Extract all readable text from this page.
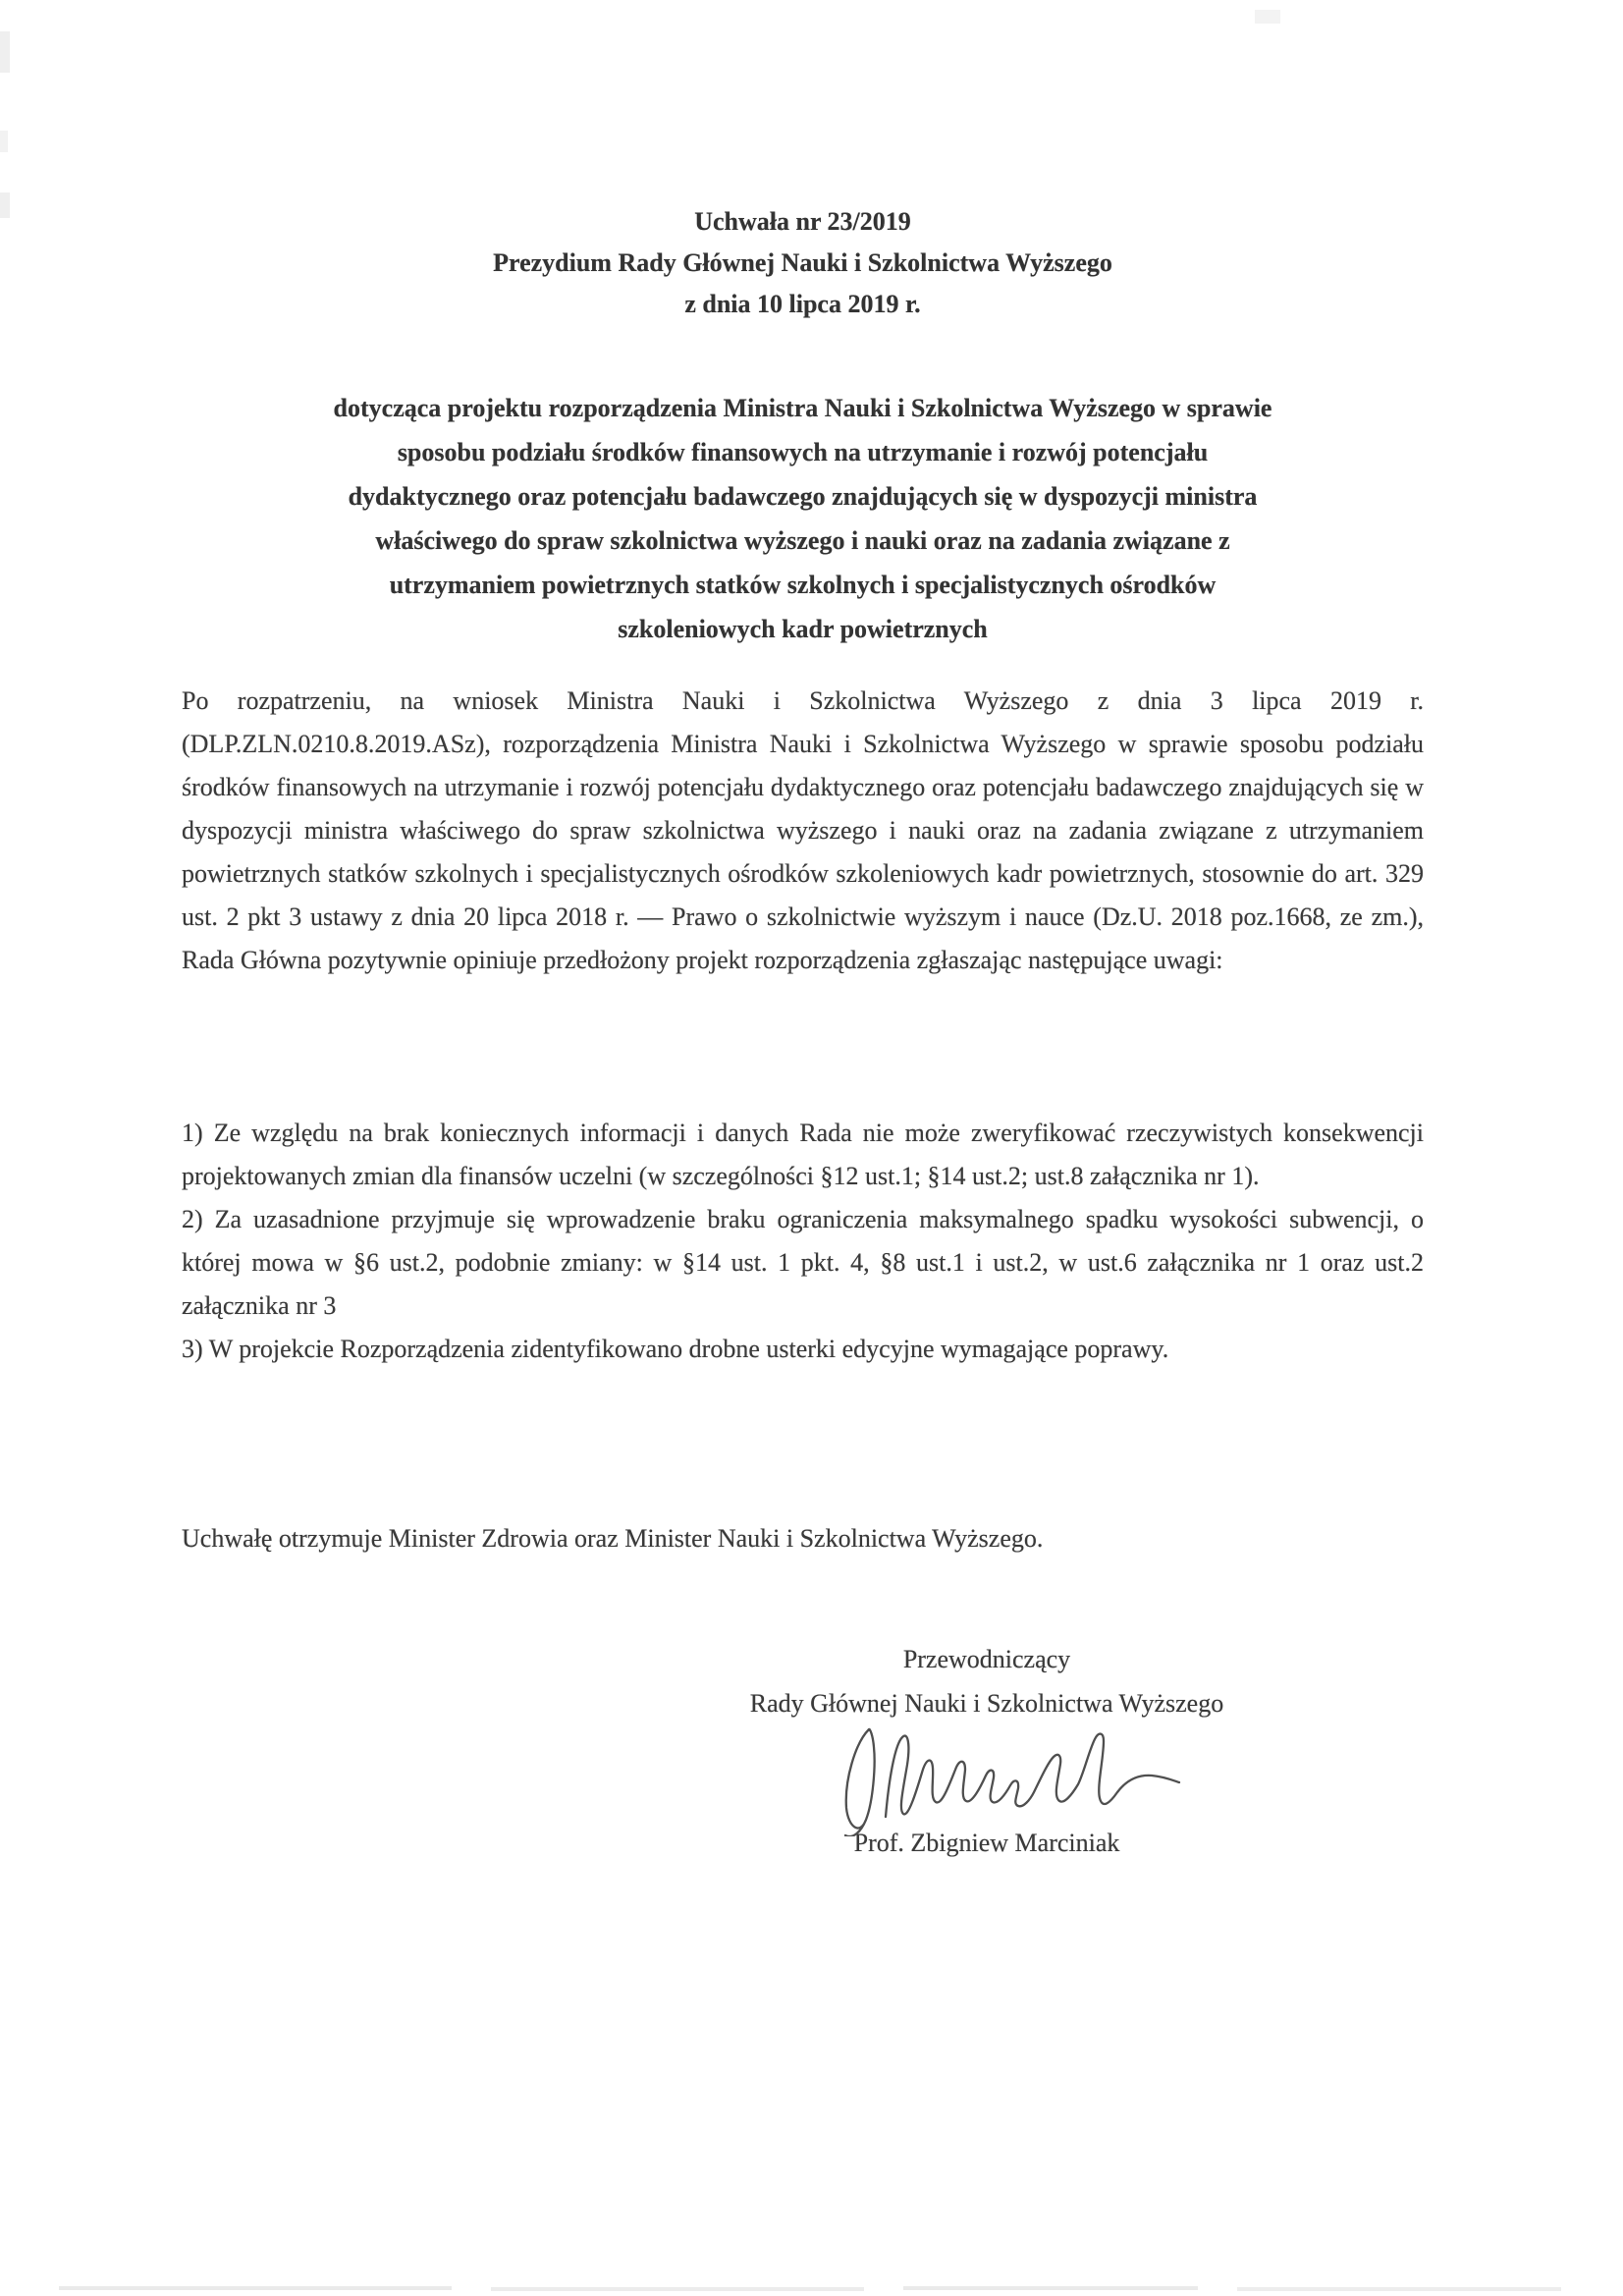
Uchwała nr 23/2019
Prezydium Rady Głównej Nauki i Szkolnictwa Wyższego
z dnia 10 lipca 2019 r.
dotycząca projektu rozporządzenia Ministra Nauki i Szkolnictwa Wyższego w sprawie
sposobu podziału środków finansowych na utrzymanie i rozwój potencjału
dydaktycznego oraz potencjału badawczego znajdujących się w dyspozycji ministra
właściwego do spraw szkolnictwa wyższego i nauki oraz na zadania związane z
utrzymaniem powietrznych statków szkolnych i specjalistycznych ośrodków
szkoleniowych kadr powietrznych

Po rozpatrzeniu, na wniosek Ministra Nauki i Szkolnictwa Wyższego z dnia 3 lipca 2019 r. (DLP.ZLN.0210.8.2019.ASz), rozporządzenia Ministra Nauki i Szkolnictwa Wyższego w sprawie sposobu podziału środków finansowych na utrzymanie i rozwój potencjału dydaktycznego oraz potencjału badawczego znajdujących się w dyspozycji ministra właściwego do spraw szkolnictwa wyższego i nauki oraz na zadania związane z utrzymaniem powietrznych statków szkolnych i specjalistycznych ośrodków szkoleniowych kadr powietrznych, stosownie do art. 329 ust. 2 pkt 3 ustawy z dnia 20 lipca 2018 r. — Prawo o szkolnictwie wyższym i nauce (Dz.U. 2018 poz.1668, ze zm.), Rada Główna pozytywnie opiniuje przedłożony projekt rozporządzenia zgłaszając następujące uwagi:

1) Ze względu na brak koniecznych informacji i danych Rada nie może zweryfikować rzeczywistych konsekwencji projektowanych zmian dla finansów uczelni (w szczególności §12 ust.1; §14 ust.2; ust.8 załącznika nr 1).

2) Za uzasadnione przyjmuje się wprowadzenie braku ograniczenia maksymalnego spadku wysokości subwencji, o której mowa w §6 ust.2, podobnie zmiany: w §14 ust. 1 pkt. 4, §8 ust.1 i ust.2, w ust.6 załącznika nr 1 oraz ust.2 załącznika nr 3

3) W projekcie Rozporządzenia zidentyfikowano drobne usterki edycyjne wymagające poprawy.

Uchwałę otrzymuje Minister Zdrowia oraz Minister Nauki i Szkolnictwa Wyższego.

Przewodniczący
Rady Głównej Nauki i Szkolnictwa Wyższego
Prof. Zbigniew Marciniak
